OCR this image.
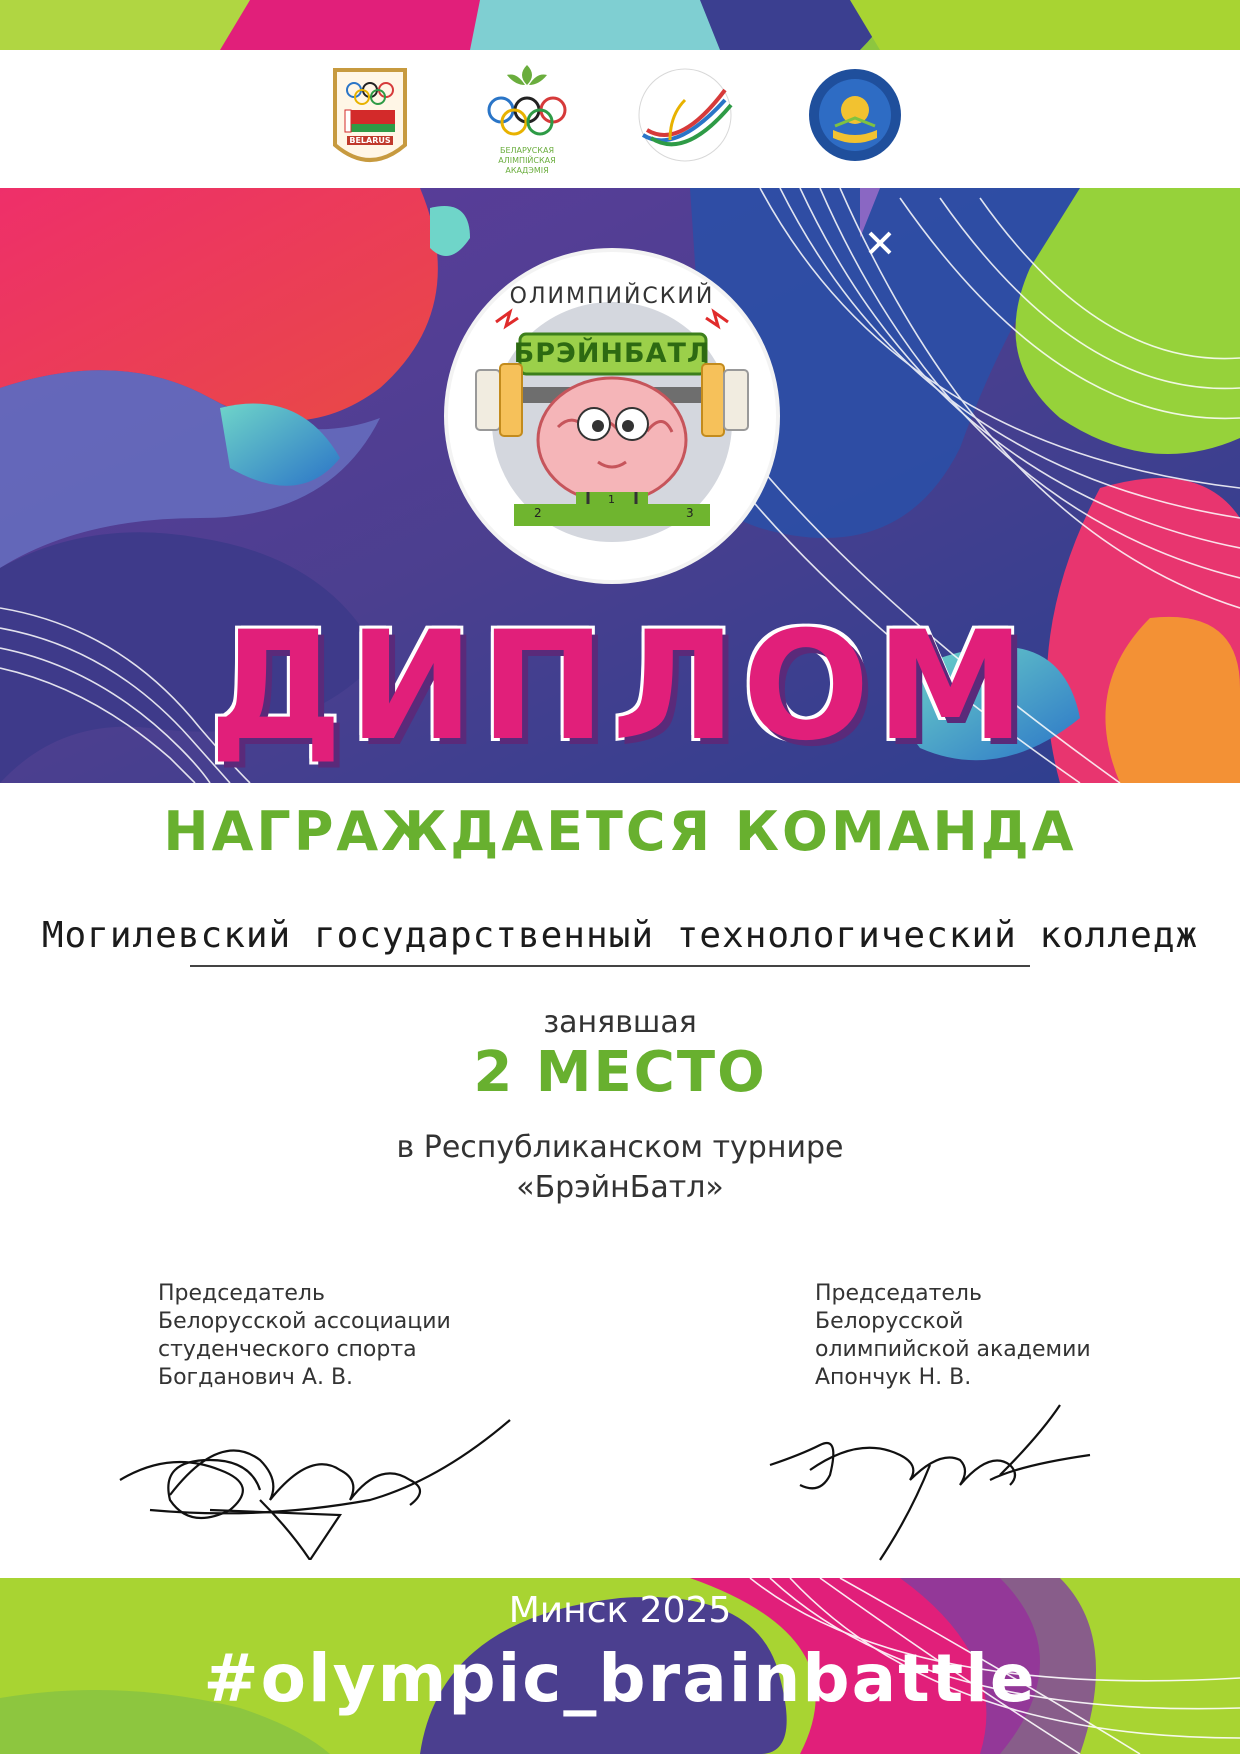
BELARUS
БЕЛАРУСКАЯ АЛІМПІЙСКАЯ АКАДЭМІЯ
ОЛИМПИЙСКИЙ
БРЭЙНБАТЛ
2
1
3
ДИПЛОМ
НАГРАЖДАЕТСЯ КОМАНДА
Могилевский государственный технологический колледж
занявшая
2 МЕСТО
в Республиканском турнире
«БрэйнБатл»
Председатель
Белорусской ассоциации
студенческого спорта
Богданович А. В.
Председатель
Белорусской
олимпийской академии
Апончук Н. В.
Минск 2025
#olympic_brainbattle
